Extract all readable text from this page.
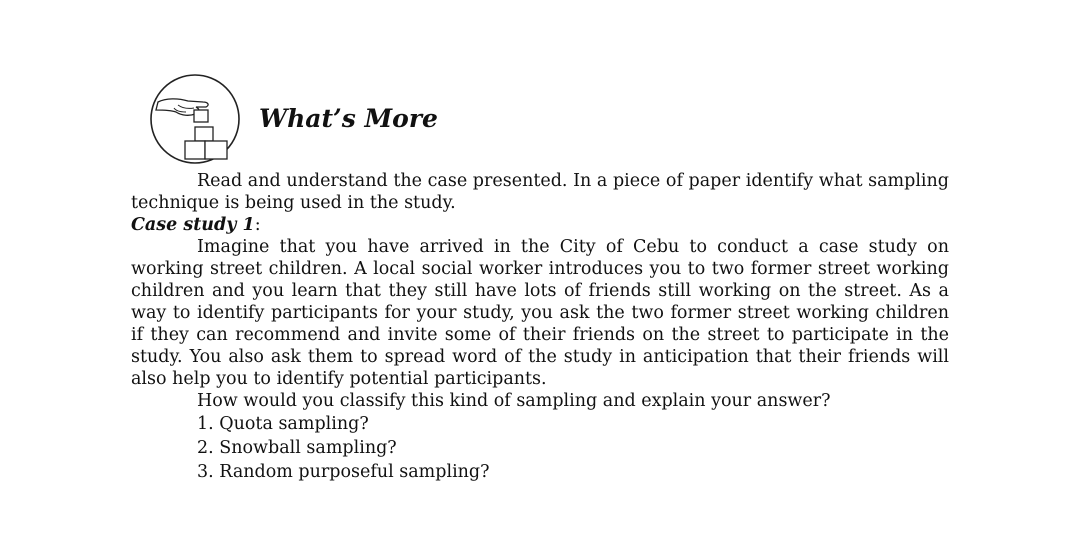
What’s More

Read and understand the case presented. In a piece of paper identify what sampling technique is being used in the study.

Case study 1:

Imagine that you have arrived in the City of Cebu to conduct a case study on working street children. A local social worker introduces you to two former street working children and you learn that they still have lots of friends still working on the street. As a way to identify participants for your study, you ask the two former street working children if they can recommend and invite some of their friends on the street to participate in the study. You also ask them to spread word of the study in anticipation that their friends will also help you to identify potential participants.

How would you classify this kind of sampling and explain your answer?

1. Quota sampling?
2. Snowball sampling?
3. Random purposeful sampling?
